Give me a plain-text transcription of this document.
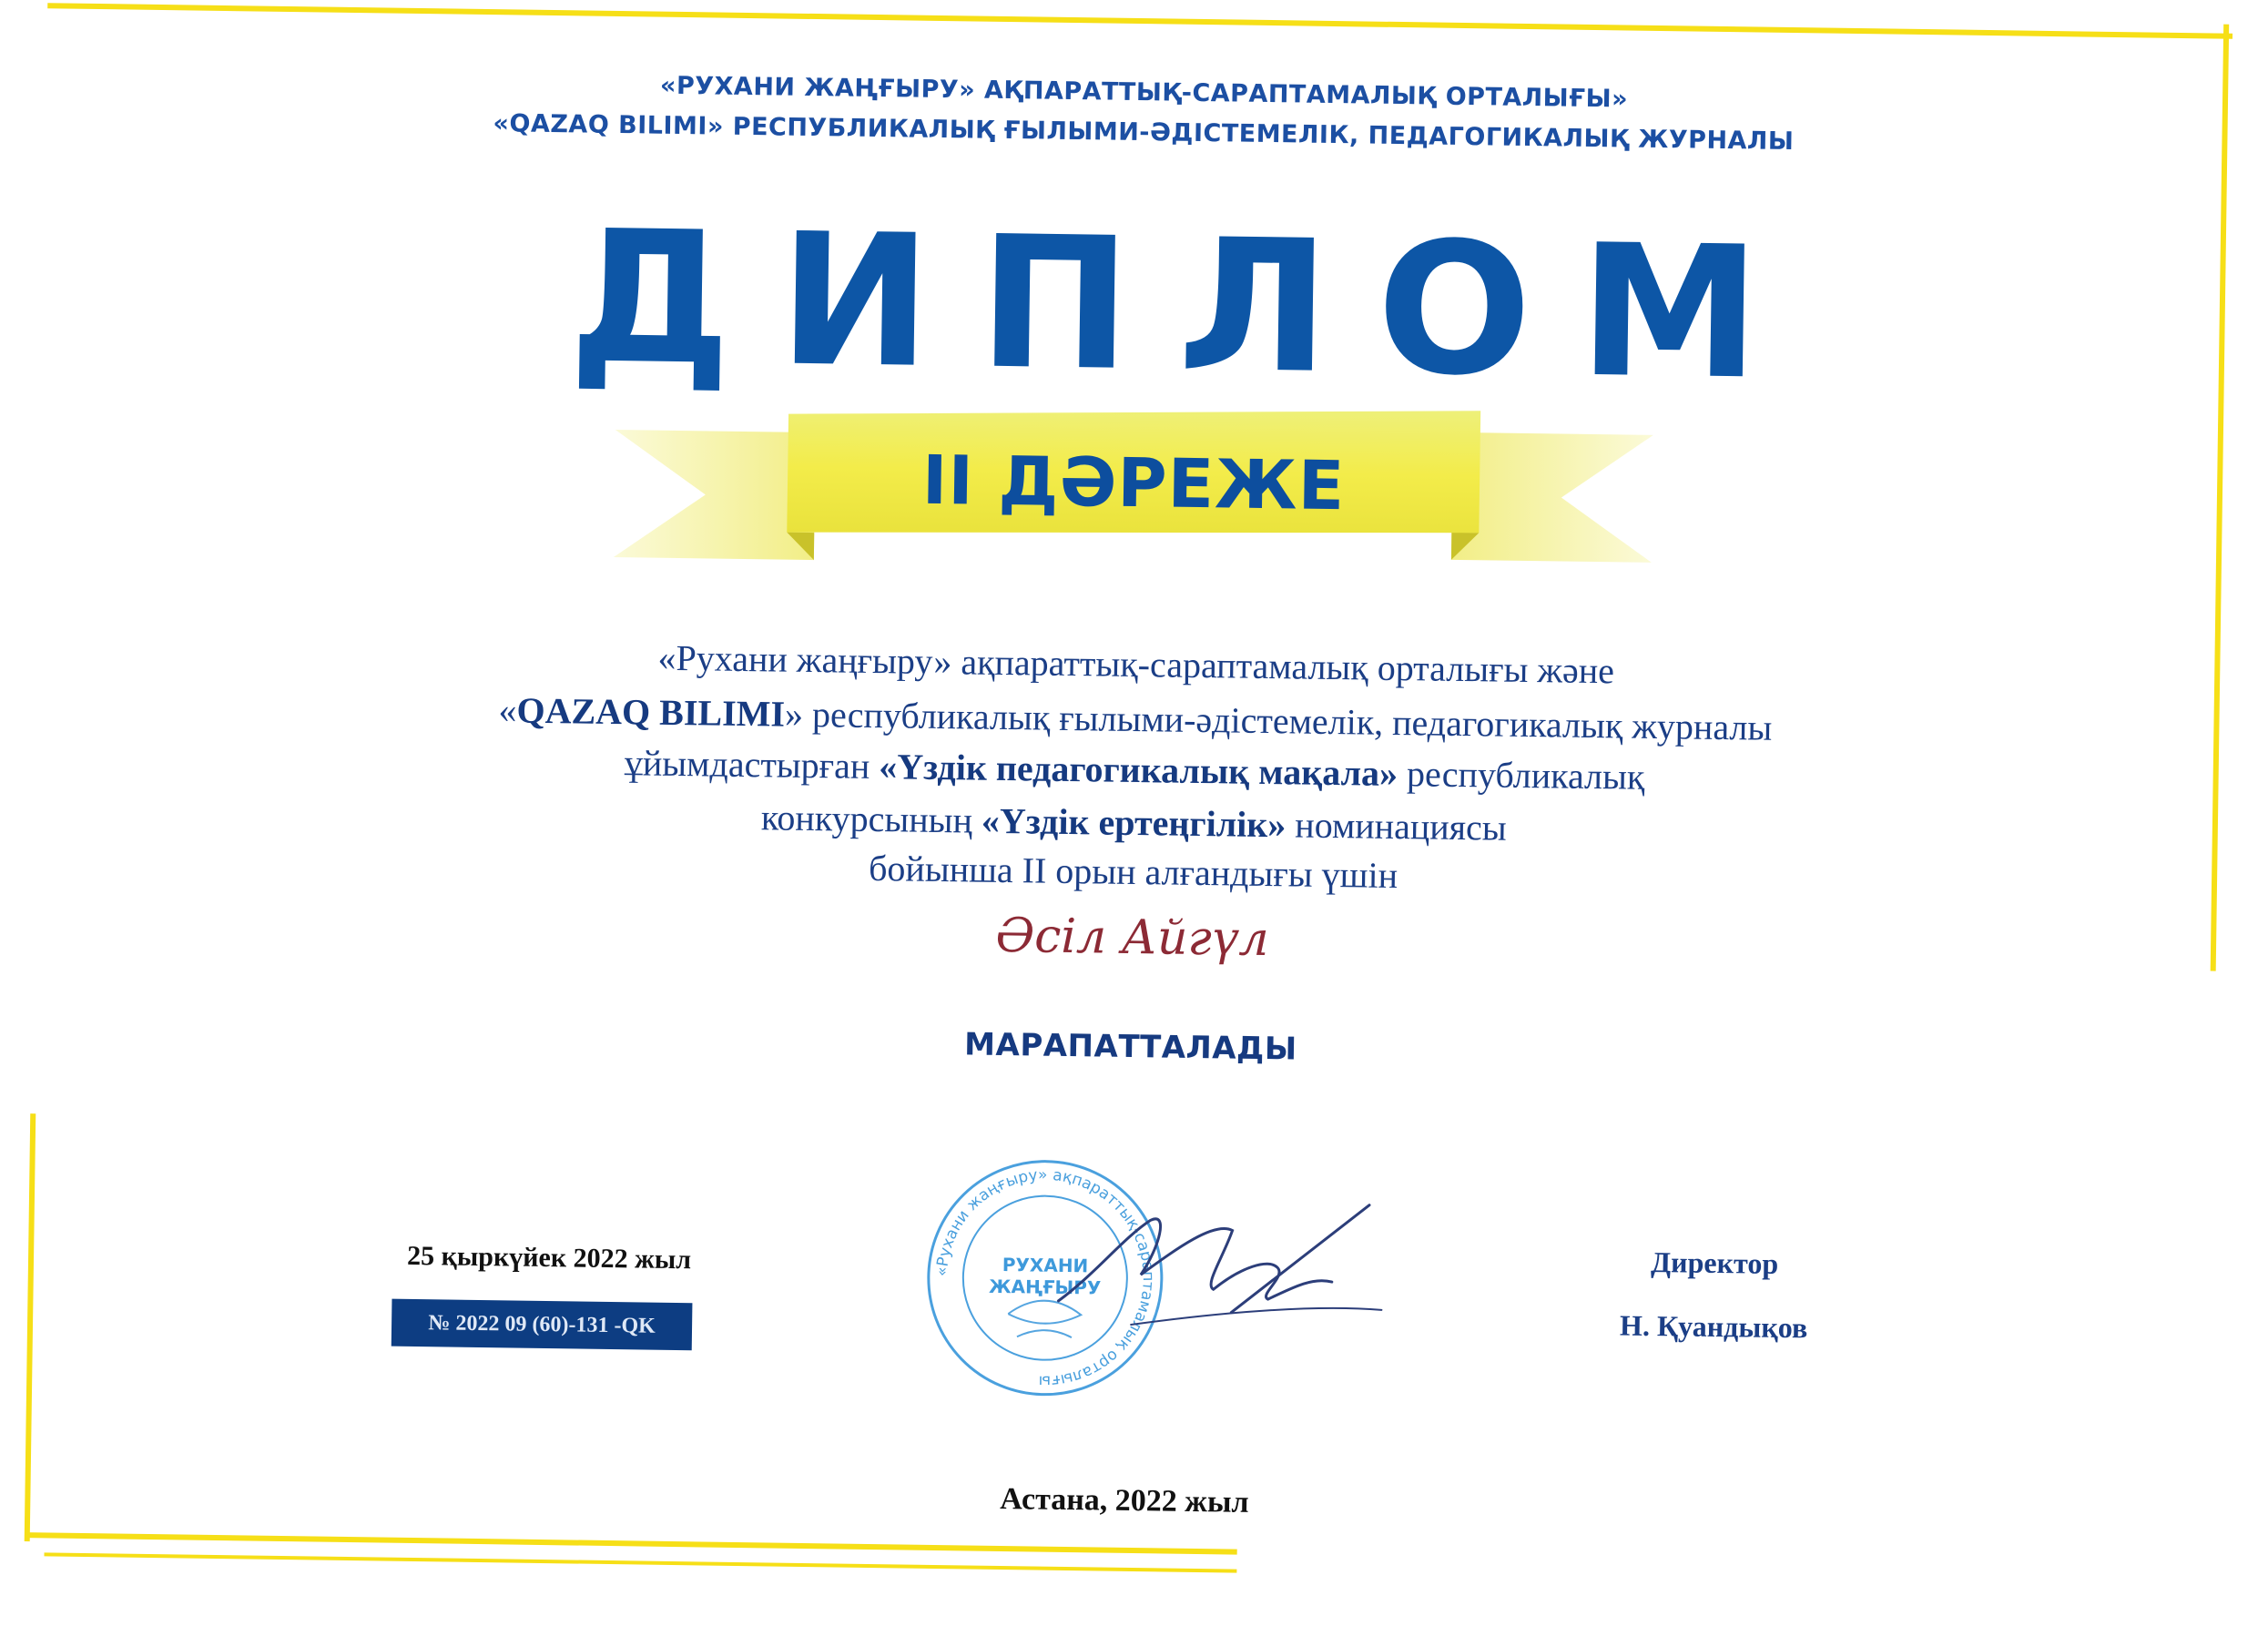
«РУХАНИ ЖАҢҒЫРУ» АҚПАРАТТЫҚ-САРАПТАМАЛЫҚ ОРТАЛЫҒЫ»
«QAZAQ BILIMI» РЕСПУБЛИКАЛЫҚ ҒЫЛЫМИ-ӘДІСТЕМЕЛІК, ПЕДАГОГИКАЛЫҚ ЖУРНАЛЫ
ДИПЛОМ
II ДӘРЕЖЕ
«Рухани жаңғыру» ақпараттық-сараптамалық орталығы және
«QAZAQ BILIMI» республикалық ғылыми-әдістемелік, педагогикалық журналы
ұйымдастырған «Үздік педагогикалық мақала» республикалық
конкурсының «Үздік ертеңгілік» номинациясы
бойынша II орын алғандығы үшін
Әсіл Айгүл
МАРАПАТТАЛАДЫ
25 қыркүйек 2022 жыл
№ 2022 09 (60)-131 -QK
«Рухани жаңғыру» ақпараттық-сараптамалық орталығы
РУХАНИ
ЖАҢҒЫРУ
Директор
Н. Қуандықов
Астана, 2022 жыл
